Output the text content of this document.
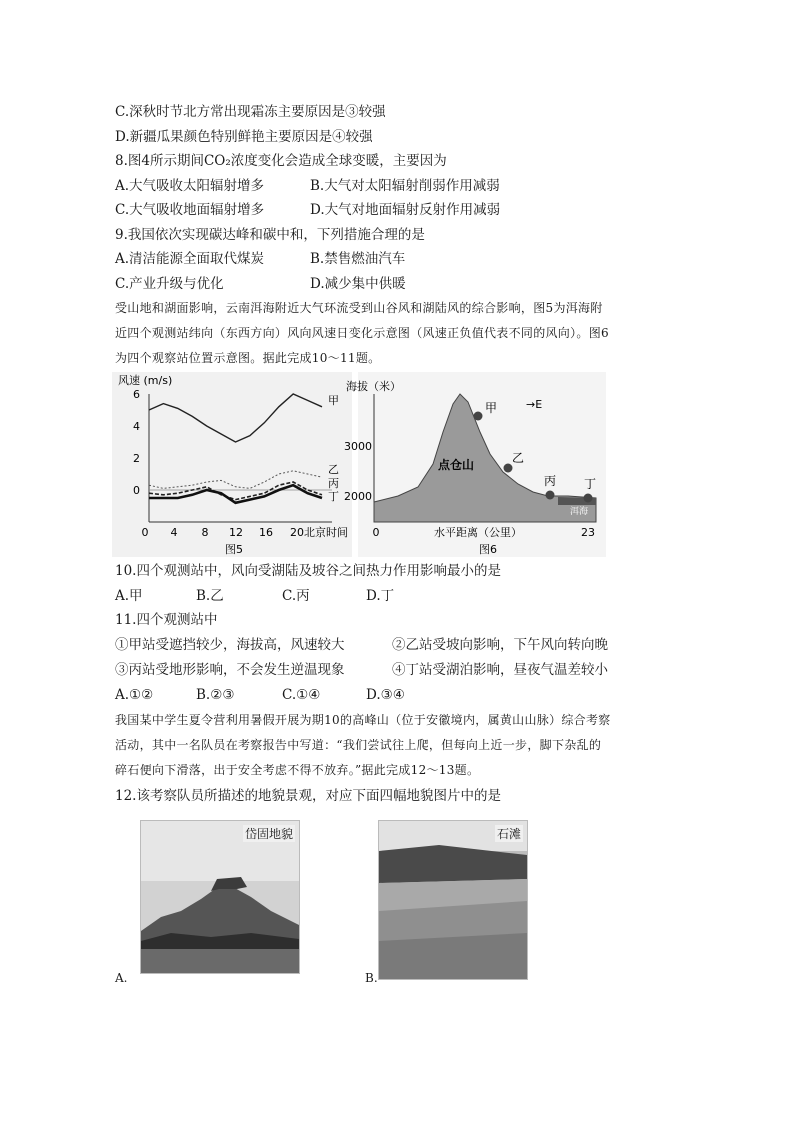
C.深秋时节北方常出现霜冻主要原因是③较强
D.新疆瓜果颜色特别鲜艳主要原因是④较强
8.图4所示期间CO₂浓度变化会造成全球变暖，主要因为
A.大气吸收太阳辐射增多	B.大气对太阳辐射削弱作用减弱
C.大气吸收地面辐射增多	D.大气对地面辐射反射作用减弱
9.我国依次实现碳达峰和碳中和，下列措施合理的是
A.清洁能源全面取代煤炭	B.禁售燃油汽车
C.产业升级与优化	D.减少集中供暖
受山地和湖面影响，云南洱海附近大气环流受到山谷风和湖陆风的综合影响，图5为洱海附
近四个观测站纬向（东西方向）风向风速日变化示意图（风速正负值代表不同的风向）。图6
为四个观察站位置示意图。据此完成10～11题。
风速 (m/s)
6
4
2
0
0 4 8 12 16 20 北京时间
图5
甲
乙
丙
丁
海拔（米）
3000
2000
0	23
水平距离（公里）
图6
→E
点仓山
洱海
甲
乙
丙 丁
10.四个观测站中，风向受湖陆及坡谷之间热力作用影响最小的是
A.甲	B.乙	C.丙	D.丁
11.四个观测站中
①甲站受遮挡较少，海拔高，风速较大	②乙站受坡向影响，下午风向转向晚
③丙站受地形影响，不会发生逆温现象	④丁站受湖泊影响，昼夜气温差较小
A.①②	B.②③	C.①④	D.③④
我国某中学生夏令营利用暑假开展为期10的高峰山（位于安徽境内，属黄山山脉）综合考察
活动，其中一名队员在考察报告中写道：“我们尝试往上爬，但每向上近一步，脚下杂乱的
碎石便向下滑落，出于安全考虑不得不放弃。”据此完成12～13题。
12.该考察队员所描述的地貌景观，对应下面四幅地貌图片中的是
岱固地貌
A.
石滩
B.
